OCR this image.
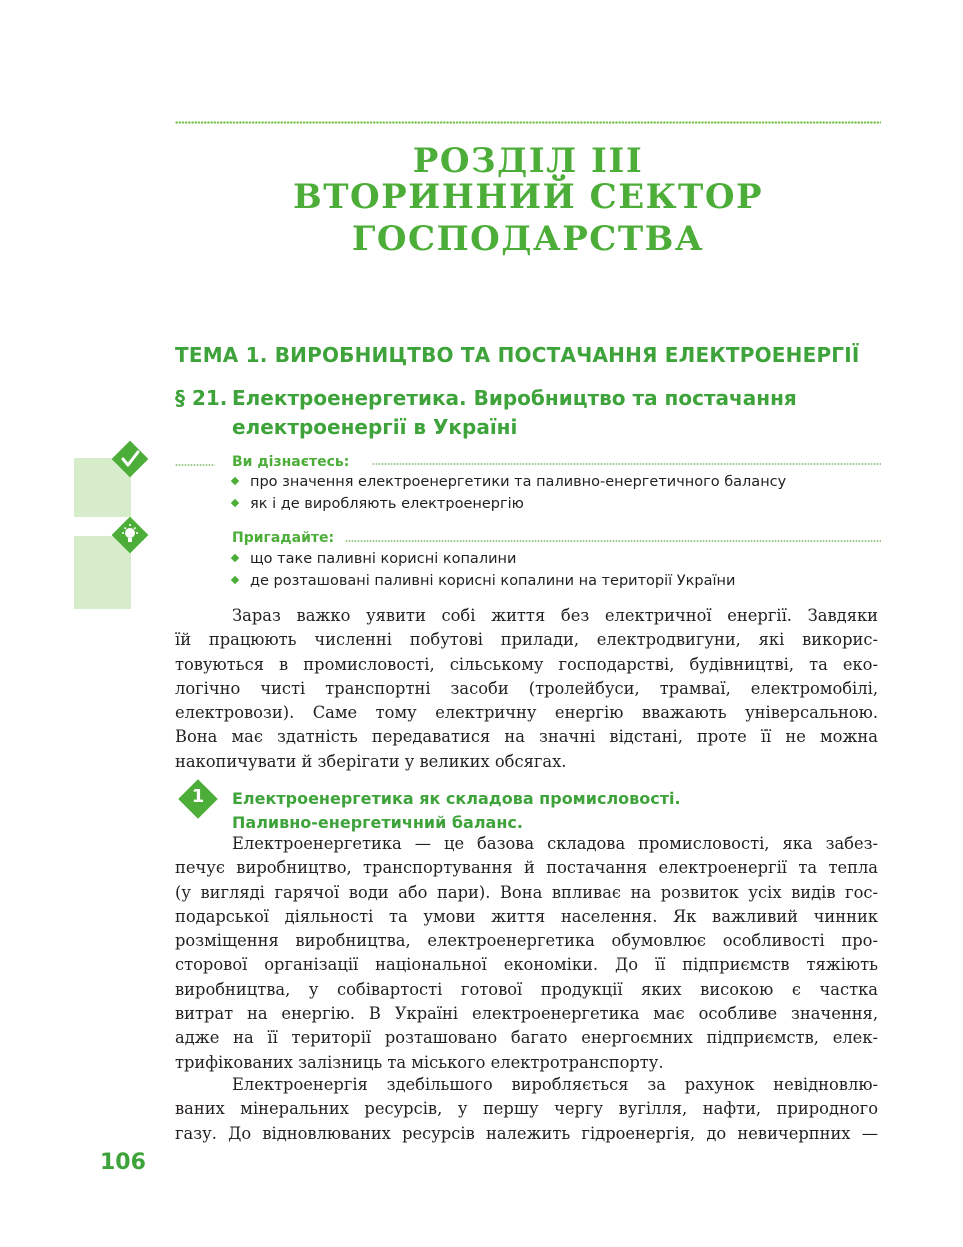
РОЗДІЛ III
ВТОРИННИЙ СЕКТОР ГОСПОДАРСТВА
ТЕМА 1. ВИРОБНИЦТВО ТА ПОСТАЧАННЯ ЕЛЕКТРОЕНЕРГІЇ
§ 21. Електроенергетика. Виробництво та постачання
електроенергії в Україні
Ви дізнаєтесь:
про значення електроенергетики та паливно-енергетичного балансу
як і де виробляють електроенергію
Пригадайте:
що таке паливні корисні копалини
де розташовані паливні корисні копалини на території України
Зараз важко уявити собі життя без електричної енергії. Завдяки
їй працюють численні побутові прилади, електродвигуни, які викорис-
товуються в промисловості, сільському господарстві, будівництві, та еко-
логічно чисті транспортні засоби (тролейбуси, трамваї, електромобілі,
електровози). Саме тому електричну енергію вважають універсальною.
Вона має здатність передаватися на значні відстані, проте її не можна
накопичувати й зберігати у великих обсягах.
1	Електроенергетика як складова промисловості.
Паливно-енергетичний баланс.
Електроенергетика — це базова складова промисловості, яка забез-
печує виробництво, транспортування й постачання електроенергії та тепла
(у вигляді гарячої води або пари). Вона впливає на розвиток усіх видів гос-
подарської діяльності та умови життя населення. Як важливий чинник
розміщення виробництва, електроенергетика обумовлює особливості про-
сторової організації національної економіки. До її підприємств тяжіють
виробництва, у собівартості готової продукції яких високою є частка
витрат на енергію. В Україні електроенергетика має особливе значення,
адже на її території розташовано багато енергоємних підприємств, елек-
трифікованих залізниць та міського електротранспорту.
Електроенергія здебільшого виробляється за рахунок невідновлю-
ваних мінеральних ресурсів, у першу чергу вугілля, нафти, природного
газу. До відновлюваних ресурсів належить гідроенергія, до невичерпних —
106
